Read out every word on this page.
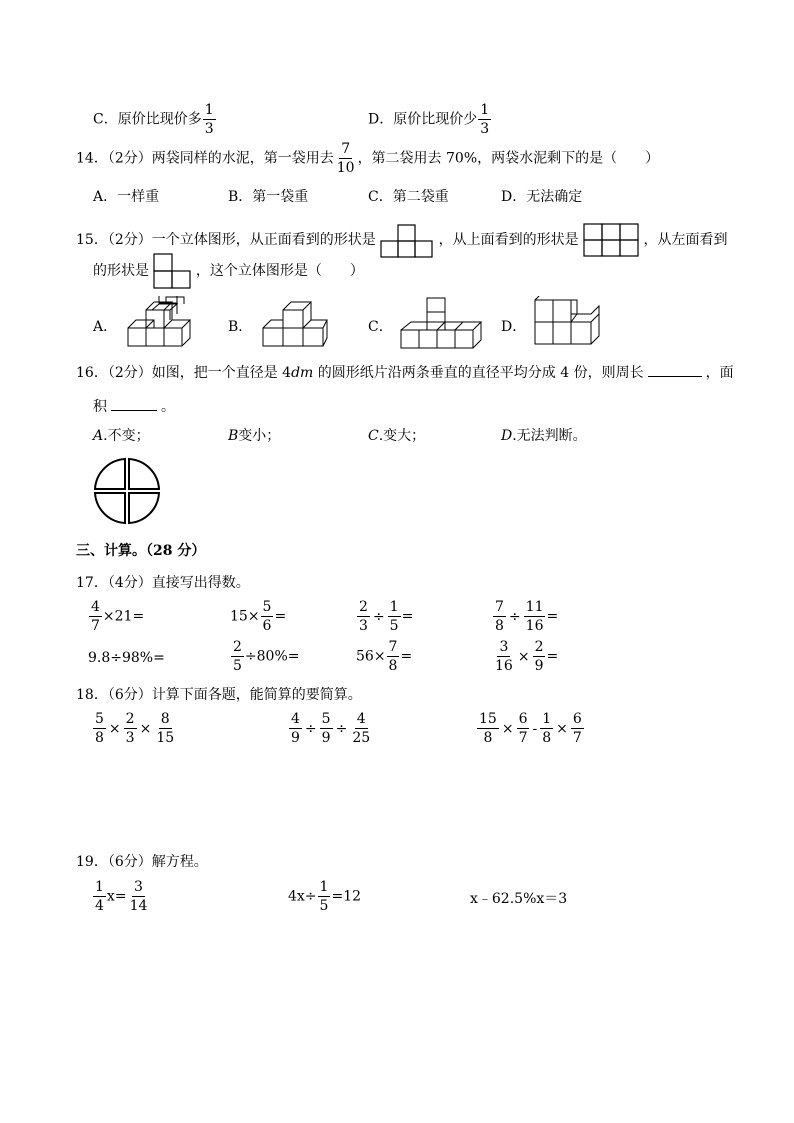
C．原价比现价多 $\frac{1}{3}$	D．原价比现价少 $\frac{1}{3}$
14．（2分）两袋同样的水泥，第一袋用去 $\frac{7}{10}$ ，第二袋用去 70%，两袋水泥剩下的是（　　）
A．一样重	B．第一袋重	C．第二袋重	D．无法确定
15．（2分）一个立体图形，从正面看到的形状是	，从上面看到的形状是	，从左面看到
的形状是	，这个立体图形是（　　）
A．	B．	C．	D．
16．（2分）如图，把一个直径是 4dm 的圆形纸片沿两条垂直的直径平均分成 4 份，则周长	，面
积	。
A.不变；	B变小；	C.变大；	D.无法判断。
三、计算。（28 分）
17．（4分）直接写出得数。
$\frac{4}{7} \times 21=$	$15\times \frac{5}{6}$ =	$\frac{2}{3} \div \frac{1}{5}$ =	$\frac{7}{8} \div \frac{11}{16}$ =
9.8÷98%=	$\frac{2}{5} \div 80\%=$	$56\times \frac{7}{8}$ =	$\frac{3}{16} \times \frac{2}{9}$ =
18．（6分）计算下面各题，能简算的要简算。
$\frac{5}{8} \times \frac{2}{3} \times \frac{8}{15}$	$\frac{4}{9} \div \frac{5}{9} \div \frac{4}{25}$	$\frac{15}{8} \times \frac{6}{7} - \frac{1}{8} \times \frac{6}{7}$
19．（6分）解方程。
$\frac{1}{4} x= \frac{3}{14}$	$4x\div \frac{1}{5} =12$	x﹣62.5%x＝3
